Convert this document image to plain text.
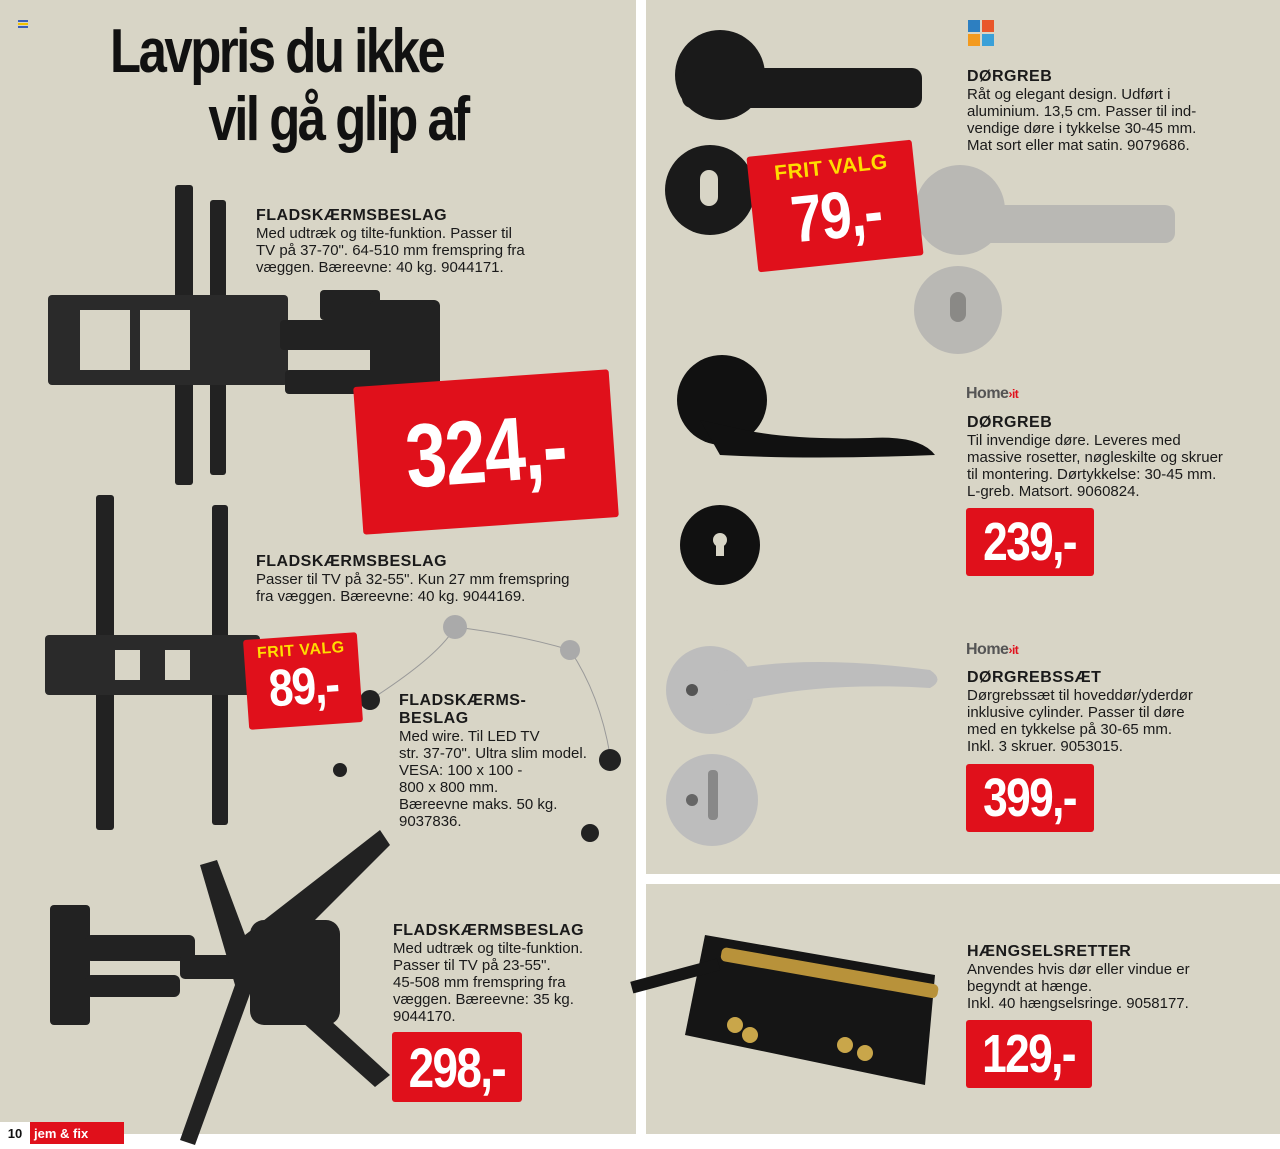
Lavpris du ikke
vil gå glip af
FLADSKÆRMSBESLAG

Med udtræk og tilte-funktion. Passer til

TV på 37-70". 64-510 mm fremspring fra

væggen. Bæreevne: 40 kg. 9044171.

324,-
FLADSKÆRMSBESLAG

Passer til TV på 32-55". Kun 27 mm fremspring

fra væggen. Bæreevne: 40 kg. 9044169.

FRIT VALG
89,-	FLADSKÆRMS-
BESLAG

Med wire. Til LED TV

str. 37-70". Ultra slim model.

VESA: 100 x 100 -

800 x 800 mm.

Bæreevne maks. 50 kg.

9037836.

FLADSKÆRMSBESLAG

Med udtræk og tilte-funktion.

Passer til TV på 23-55".

45-508 mm fremspring fra

væggen. Bæreevne: 35 kg.

9044170.

298,-
DØRGREB

Råt og elegant design. Udført i

aluminium. 13,5 cm. Passer til ind-

vendige døre i tykkelse 30-45 mm.

Mat sort eller mat satin. 9079686.

FRIT VALG
79,-
Home›it
DØRGREB

Til invendige døre. Leveres med

massive rosetter, nøgleskilte og skruer

til montering. Dørtykkelse: 30-45 mm.

L-greb. Matsort. 9060824.

239,-
Home›it
DØRGREBSSÆT

Dørgrebssæt til hoveddør/yderdør

inklusive cylinder. Passer til døre

med en tykkelse på 30-65 mm.

Inkl. 3 skruer. 9053015.

399,-
HÆNGSELSRETTER

Anvendes hvis dør eller vindue er

begyndt at hænge.

Inkl. 40 hængselsringe. 9058177.

129,-
10 jem & fix
